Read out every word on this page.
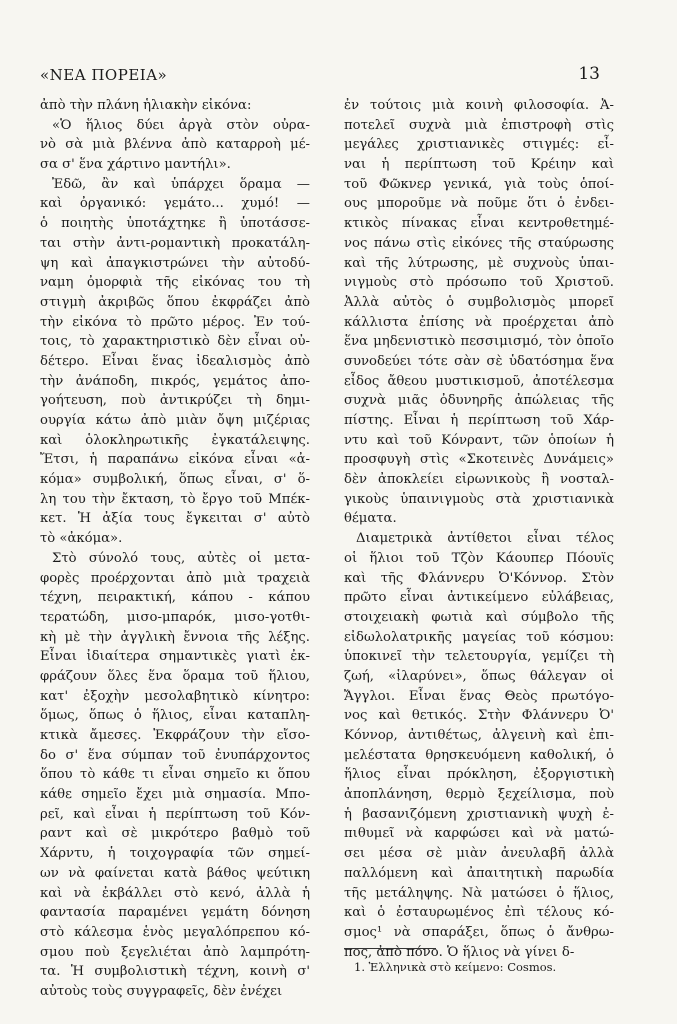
«ΝΕΑ ΠΟΡΕΙΑ»	13
ἀπὸ τὴν πλάνη ἡλιακὴν εἰκόνα:
«Ὁ ἥλιος δύει ἀργὰ στὸν οὐρα-
νὸ σὰ μιὰ βλέννα ἀπὸ καταρροὴ μέ-
σα σ' ἕνα χάρτινο μαντήλι».
Ἐδῶ, ἂν καὶ ὑπάρχει ὅραμα —
καὶ ὀργανικό: γεμάτο... χυμό! —
ὁ ποιητὴς ὑποτάχτηκε ἢ ὑποτάσσε-
ται στὴν ἀντι-ρομαντικὴ προκατάλη-
ψη καὶ ἀπαγκιστρώνει τὴν αὐτοδύ-
ναμη ὀμορφιὰ τῆς εἰκόνας του τὴ
στιγμὴ ἀκριβῶς ὅπου ἐκφράζει ἀπὸ
τὴν εἰκόνα τὸ πρῶτο μέρος. Ἐν τού-
τοις, τὸ χαρακτηριστικὸ δὲν εἶναι οὐ-
δέτερο. Εἶναι ἕνας ἰδεαλισμὸς ἀπὸ
τὴν ἀνάποδη, πικρός, γεμάτος ἀπο-
γοήτευση, ποὺ ἀντικρύζει τὴ δημι-
ουργία κάτω ἀπὸ μιὰν ὄψη μιζέριας
καὶ ὁλοκληρωτικῆς ἐγκατάλειψης.
Ἔτσι, ἡ παραπάνω εἰκόνα εἶναι «ἀ-
κόμα» συμβολική, ὅπως εἶναι, σ' ὅ-
λη του τὴν ἔκταση, τὸ ἔργο τοῦ Μπέκ-
κετ. Ἡ ἀξία τους ἔγκειται σ' αὐτὸ
τὸ «ἀκόμα».
Στὸ σύνολό τους, αὐτὲς οἱ μετα-
φορὲς προέρχονται ἀπὸ μιὰ τραχειὰ
τέχνη, πειρακτική, κάπου - κάπου
τερατώδη, μισο-μπαρόκ, μισο-γοτθι-
κὴ μὲ τὴν ἀγγλικὴ ἔννοια τῆς λέξης.
Εἶναι ἰδιαίτερα σημαντικὲς γιατὶ ἐκ-
φράζουν ὅλες ἕνα ὅραμα τοῦ ἥλιου,
κατ' ἐξοχὴν μεσολαβητικὸ κίνητρο:
ὅμως, ὅπως ὁ ἥλιος, εἶναι καταπλη-
κτικὰ ἄμεσες. Ἐκφράζουν τὴν εἴσο-
δο σ' ἕνα σύμπαν τοῦ ἐνυπάρχοντος
ὅπου τὸ κάθε τι εἶναι σημεῖο κι ὅπου
κάθε σημεῖο ἔχει μιὰ σημασία. Μπο-
ρεῖ, καὶ εἶναι ἡ περίπτωση τοῦ Κόν-
ραντ καὶ σὲ μικρότερο βαθμὸ τοῦ
Χάρντυ, ἡ τοιχογραφία τῶν σημεί-
ων νὰ φαίνεται κατὰ βάθος ψεύτικη
καὶ νὰ ἐκβάλλει στὸ κενό, ἀλλὰ ἡ
φαντασία παραμένει γεμάτη δόνηση
στὸ κάλεσμα ἑνὸς μεγαλόπρεπου κό-
σμου ποὺ ξεγελιέται ἀπὸ λαμπρότη-
τα. Ἡ συμβολιστικὴ τέχνη, κοινὴ σ'
αὐτοὺς τοὺς συγγραφεῖς, δὲν ἐνέχει
ἐν τούτοις μιὰ κοινὴ φιλοσοφία. Ἀ-
ποτελεῖ συχνὰ μιὰ ἐπιστροφὴ στὶς
μεγάλες χριστιανικὲς στιγμές: εἶ-
ναι ἡ περίπτωση τοῦ Κρέιην καὶ
τοῦ Φῶκνερ γενικά, γιὰ τοὺς ὁποί-
ους μποροῦμε νὰ ποῦμε ὅτι ὁ ἐνδει-
κτικὸς πίνακας εἶναι κεντροθετημέ-
νος πάνω στὶς εἰκόνες τῆς σταύρωσης
καὶ τῆς λύτρωσης, μὲ συχνοὺς ὑπαι-
νιγμοὺς στὸ πρόσωπο τοῦ Χριστοῦ.
Ἀλλὰ αὐτὸς ὁ συμβολισμὸς μπορεῖ
κάλλιστα ἐπίσης νὰ προέρχεται ἀπὸ
ἕνα μηδενιστικὸ πεσσιμισμό, τὸν ὁποῖο
συνοδεύει τότε σὰν σὲ ὑδατόσημα ἕνα
εἶδος ἄθεου μυστικισμοῦ, ἀποτέλεσμα
συχνὰ μιᾶς ὀδυνηρῆς ἀπώλειας τῆς
πίστης. Εἶναι ἡ περίπτωση τοῦ Χάρ-
ντυ καὶ τοῦ Κόνραντ, τῶν ὁποίων ἡ
προσφυγὴ στὶς «Σκοτεινὲς Δυνάμεις»
δὲν ἀποκλείει εἰρωνικοὺς ἢ νοσταλ-
γικοὺς ὑπαινιγμοὺς στὰ χριστιανικὰ
θέματα.
Διαμετρικὰ ἀντίθετοι εἶναι τέλος
οἱ ἥλιοι τοῦ Τζὸν Κάουπερ Πόουϊς
καὶ τῆς Φλάννερυ Ὀ'Κόννορ. Στὸν
πρῶτο εἶναι ἀντικείμενο εὐλάβειας,
στοιχειακὴ φωτιὰ καὶ σύμβολο τῆς
εἰδωλολατρικῆς μαγείας τοῦ κόσμου:
ὑποκινεῖ τὴν τελετουργία, γεμίζει τὴ
ζωή, «ἱλαρύνει», ὅπως θάλεγαν οἱ
Ἄγγλοι. Εἶναι ἕνας Θεὸς πρωτόγο-
νος καὶ θετικός. Στὴν Φλάννερυ Ὀ'
Κόννορ, ἀντιθέτως, ἀλγεινὴ καὶ ἐπι-
μελέστατα θρησκευόμενη καθολική, ὁ
ἥλιος εἶναι πρόκληση, ἐξοργιστικὴ
ἀποπλάνηση, θερμὸ ξεχείλισμα, ποὺ
ἡ βασανιζόμενη χριστιανικὴ ψυχὴ ἐ-
πιθυμεῖ νὰ καρφώσει καὶ νὰ ματώ-
σει μέσα σὲ μιὰν ἀνευλαβῆ ἀλλὰ
παλλόμενη καὶ ἀπαιτητικὴ παρωδία
τῆς μετάληψης. Νὰ ματώσει ὁ ἥλιος,
καὶ ὁ ἐσταυρωμένος ἐπὶ τέλους κό-
σμος¹ νὰ σπαράξει, ὅπως ὁ ἄνθρω-
πος, ἀπὸ πόνο. Ὁ ἥλιος νὰ γίνει δ-
1. Ἑλληνικὰ στὸ κείμενο: Cosmos.
